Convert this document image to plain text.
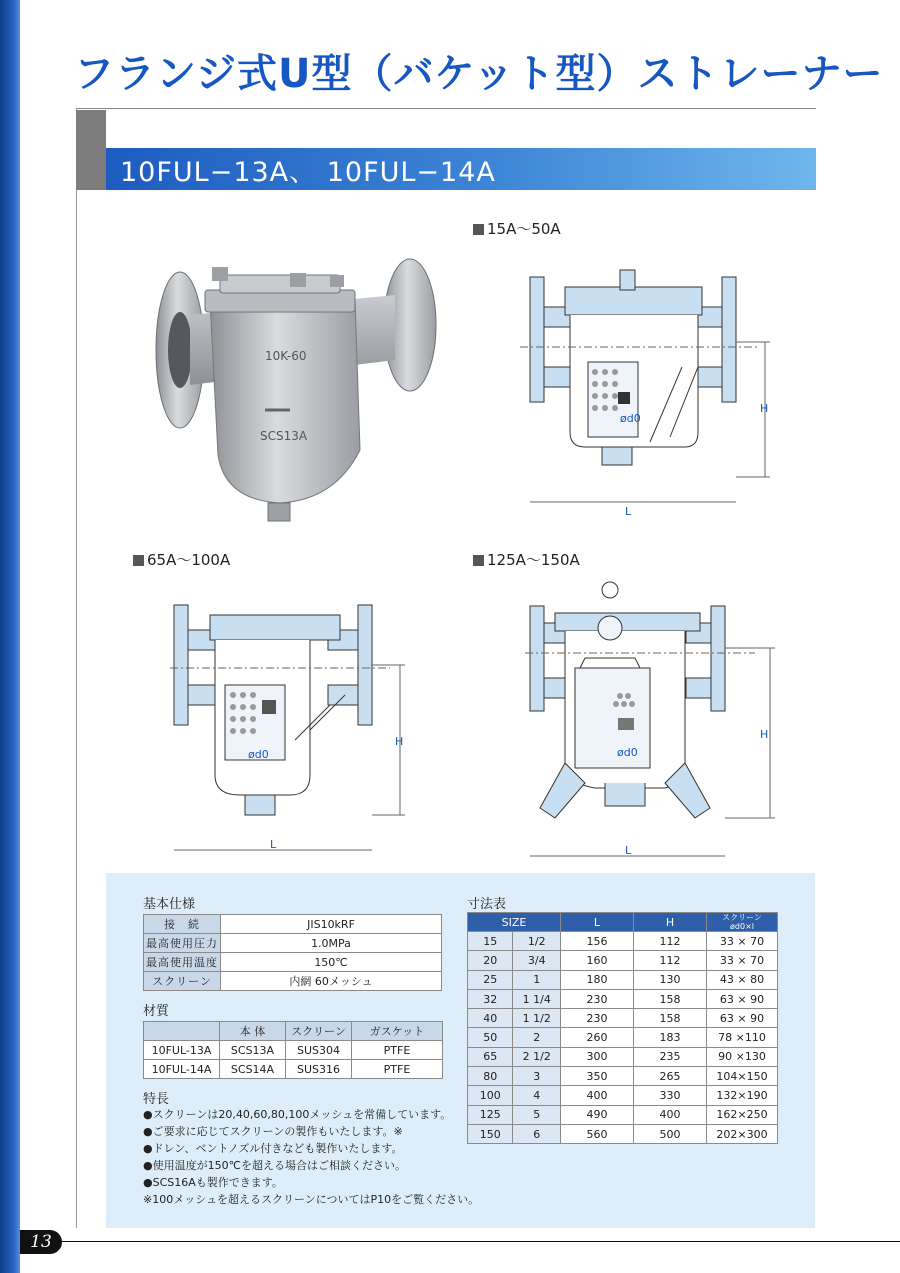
フランジ式U型（バケット型）ストレーナー
10FUL−13A、 10FUL−14A
10K-60
SCS13A
15A〜50A
65A〜100A	125A〜150A
L
H
ød0
L
H
ød0
L
H
ød0
基本仕様
接　続	JIS10kRF
最高使用圧力	1.0MPa
最高使用温度	150℃
スクリーン	内網 60メッシュ
材質
	本 体	スクリーン	ガスケット
10FUL-13A	SCS13A	SUS304	PTFE
10FUL-14A	SCS14A	SUS316	PTFE
特長
●スクリーンは20,40,60,80,100メッシュを常備しています。
●ご要求に応じてスクリーンの製作もいたします。※
●ドレン、ベントノズル付きなども製作いたします。
●使用温度が150℃を超える場合はご相談ください。
●SCS16Aも製作できます。
※100メッシュを超えるスクリーンについてはP10をご覧ください。
寸法表
SIZE		L	H	スクリーン
ød0×l

15	1/2	156	112	33 × 70
20	3/4	160	112	33 × 70
25	1	180	130	43 × 80
32	1 1/4	230	158	63 × 90
40	1 1/2	230	158	63 × 90
50	2	260	183	78 ×110
65	2 1/2	300	235	90 ×130
80	3	350	265	104×150
100	4	400	330	132×190
125	5	490	400	162×250
150	6	560	500	202×300
13
